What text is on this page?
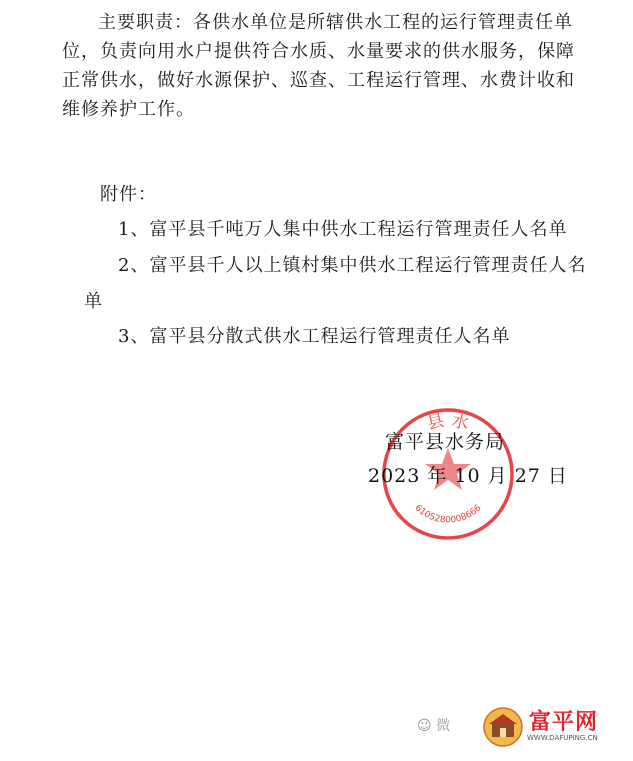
主要职责：各供水单位是所辖供水工程的运行管理责任单位，负责向用水户提供符合水质、水量要求的供水服务，保障正常供水，做好水源保护、巡查、工程运行管理、水费计收和维修养护工作。

附件：
1、富平县千吨万人集中供水工程运行管理责任人名单
2、富平县千人以上镇村集中供水工程运行管理责任人名
单
3、富平县分散式供水工程运行管理责任人名单
县 水
6105280008666
富平县水务局
2023 年 10 月 27 日
☺ 微	富平网
WWW.DAFUPING.CN
